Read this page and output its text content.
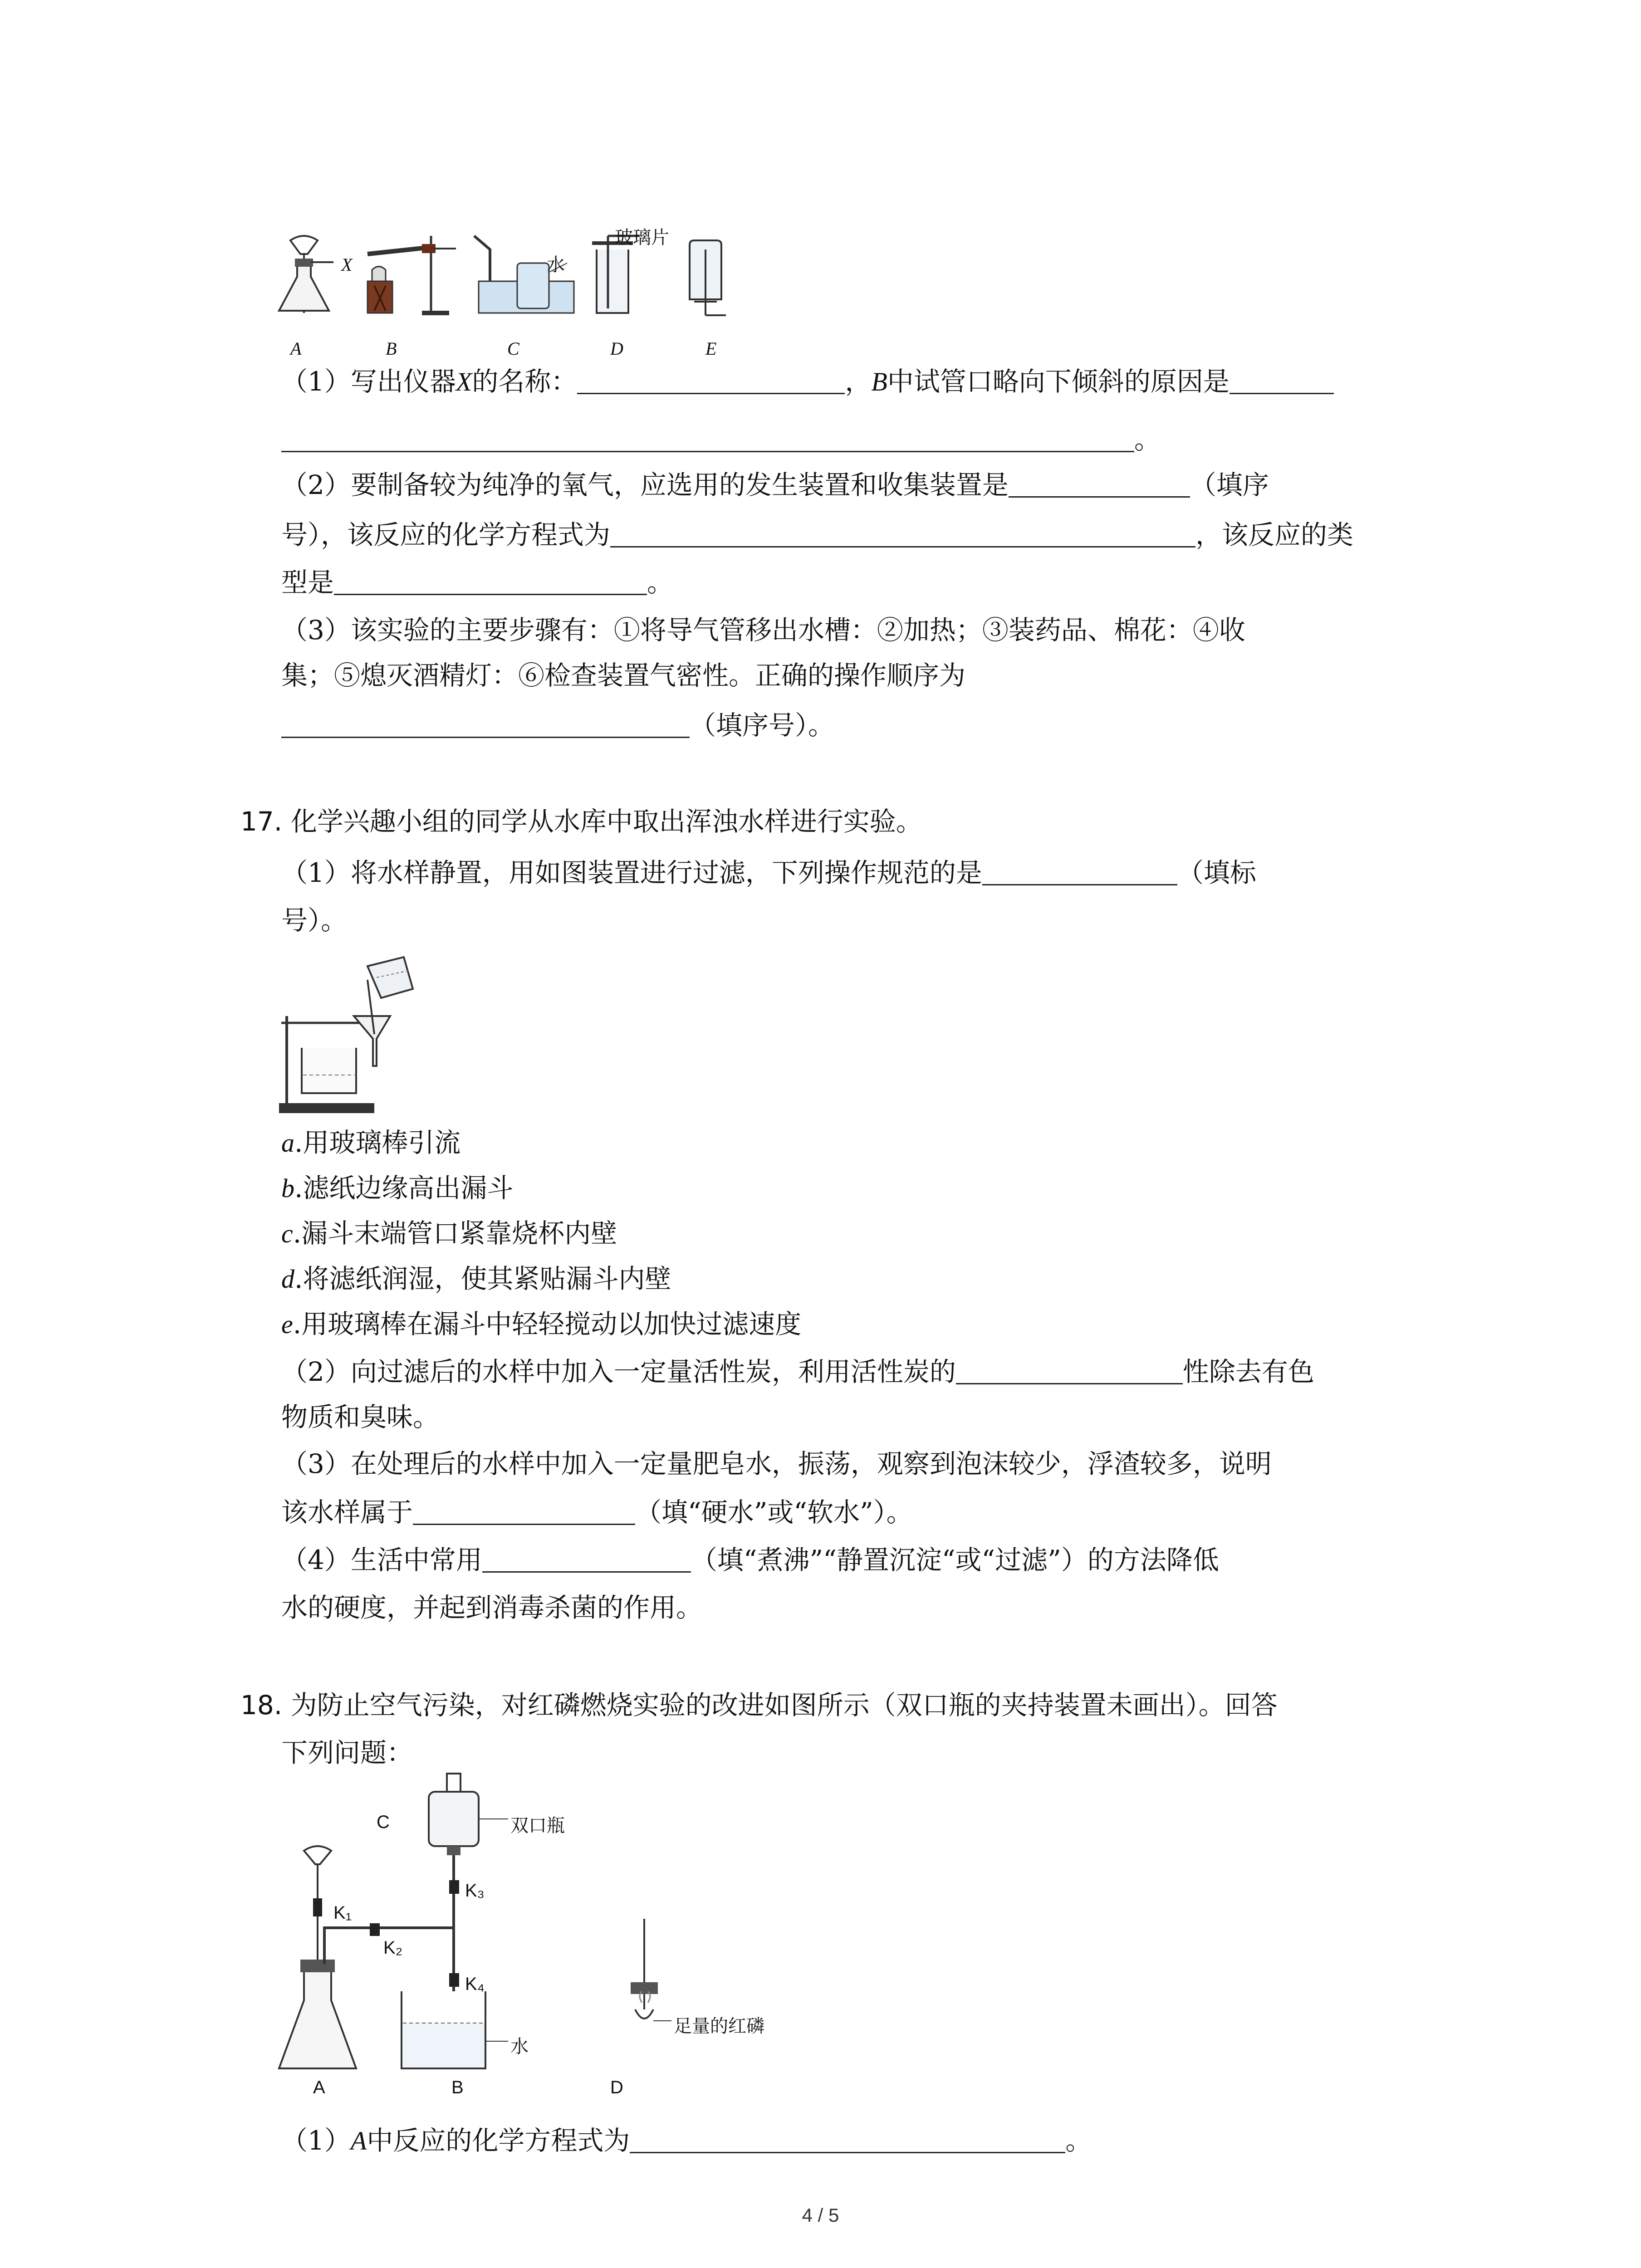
A	B	C	D	E
X	水
玻璃片
（1）写出仪器X的名称：	，B中试管口略向下倾斜的原因是
。
（2）要制备较为纯净的氧气，应选用的发生装置和收集装置是	（填序
号），该反应的化学方程式为	，该反应的类
型是	。
（3）该实验的主要步骤有：①将导气管移出水槽：②加热；③装药品、棉花：④收
集；⑤熄灭酒精灯：⑥检查装置气密性。正确的操作顺序为
（填序号）。
17. 化学兴趣小组的同学从水库中取出浑浊水样进行实验。
（1）将水样静置，用如图装置进行过滤，下列操作规范的是	（填标
号）。
a.用玻璃棒引流
b.滤纸边缘高出漏斗
c.漏斗末端管口紧靠烧杯内壁
d.将滤纸润湿，使其紧贴漏斗内壁
e.用玻璃棒在漏斗中轻轻搅动以加快过滤速度
（2）向过滤后的水样中加入一定量活性炭，利用活性炭的	性除去有色
物质和臭味。
（3）在处理后的水样中加入一定量肥皂水，振荡，观察到泡沫较少，浮渣较多，说明
该水样属于	（填“硬水”或“软水”）。
（4）生活中常用	（填“煮沸”“静置沉淀“或“过滤”）的方法降低
水的硬度，并起到消毒杀菌的作用。
18. 为防止空气污染，对红磷燃烧实验的改进如图所示（双口瓶的夹持装置未画出）。回答
下列问题：
C	双口瓶
K₁
K₂
K₃
K₄
水
足量的红磷
A	B	D
（1）A中反应的化学方程式为	。
4 / 5
